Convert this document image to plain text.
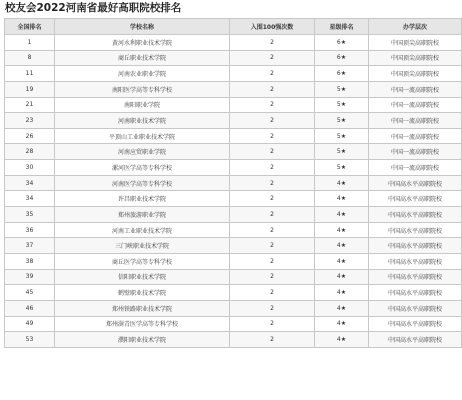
校友会2022河南省最好高职院校排名
全国排名	学校名称	入围100强次数	星级排名	办学层次
1	黄河水利职业技术学院	2	6★	中国顶尖高职院校
8	商丘职业技术学院	2	6★	中国顶尖高职院校
11	河南农业职业学院	2	6★	中国顶尖高职院校
19	南阳医学高等专科学校	2	5★	中国一流高职院校
21	南阳职业学院	2	5★	中国一流高职院校
23	河南职业技术学院	2	5★	中国一流高职院校
26	平顶山工业职业技术学院	2	5★	中国一流高职院校
28	河南应贸职业学院	2	5★	中国一流高职院校
30	漯河医学高等专科学校	2	5★	中国一流高职院校
34	河南医学高等专科学校	2	4★	中国高水平高职院校
34	许昌职业技术学院	2	4★	中国高水平高职院校
35	郑州旅游职业学院	2	4★	中国高水平高职院校
36	河南工业职业技术学院	2	4★	中国高水平高职院校
37	三门峡职业技术学院	2	4★	中国高水平高职院校
38	商丘医学高等专科学校	2	4★	中国高水平高职院校
39	信阳职业技术学院	2	4★	中国高水平高职院校
45	鹤壁职业技术学院	2	4★	中国高水平高职院校
46	郑州铁路职业技术学院	2	4★	中国高水平高职院校
49	郑州澍青医学高等专科学校	2	4★	中国高水平高职院校
53	濮阳职业技术学院	2	4★	中国高水平高职院校
